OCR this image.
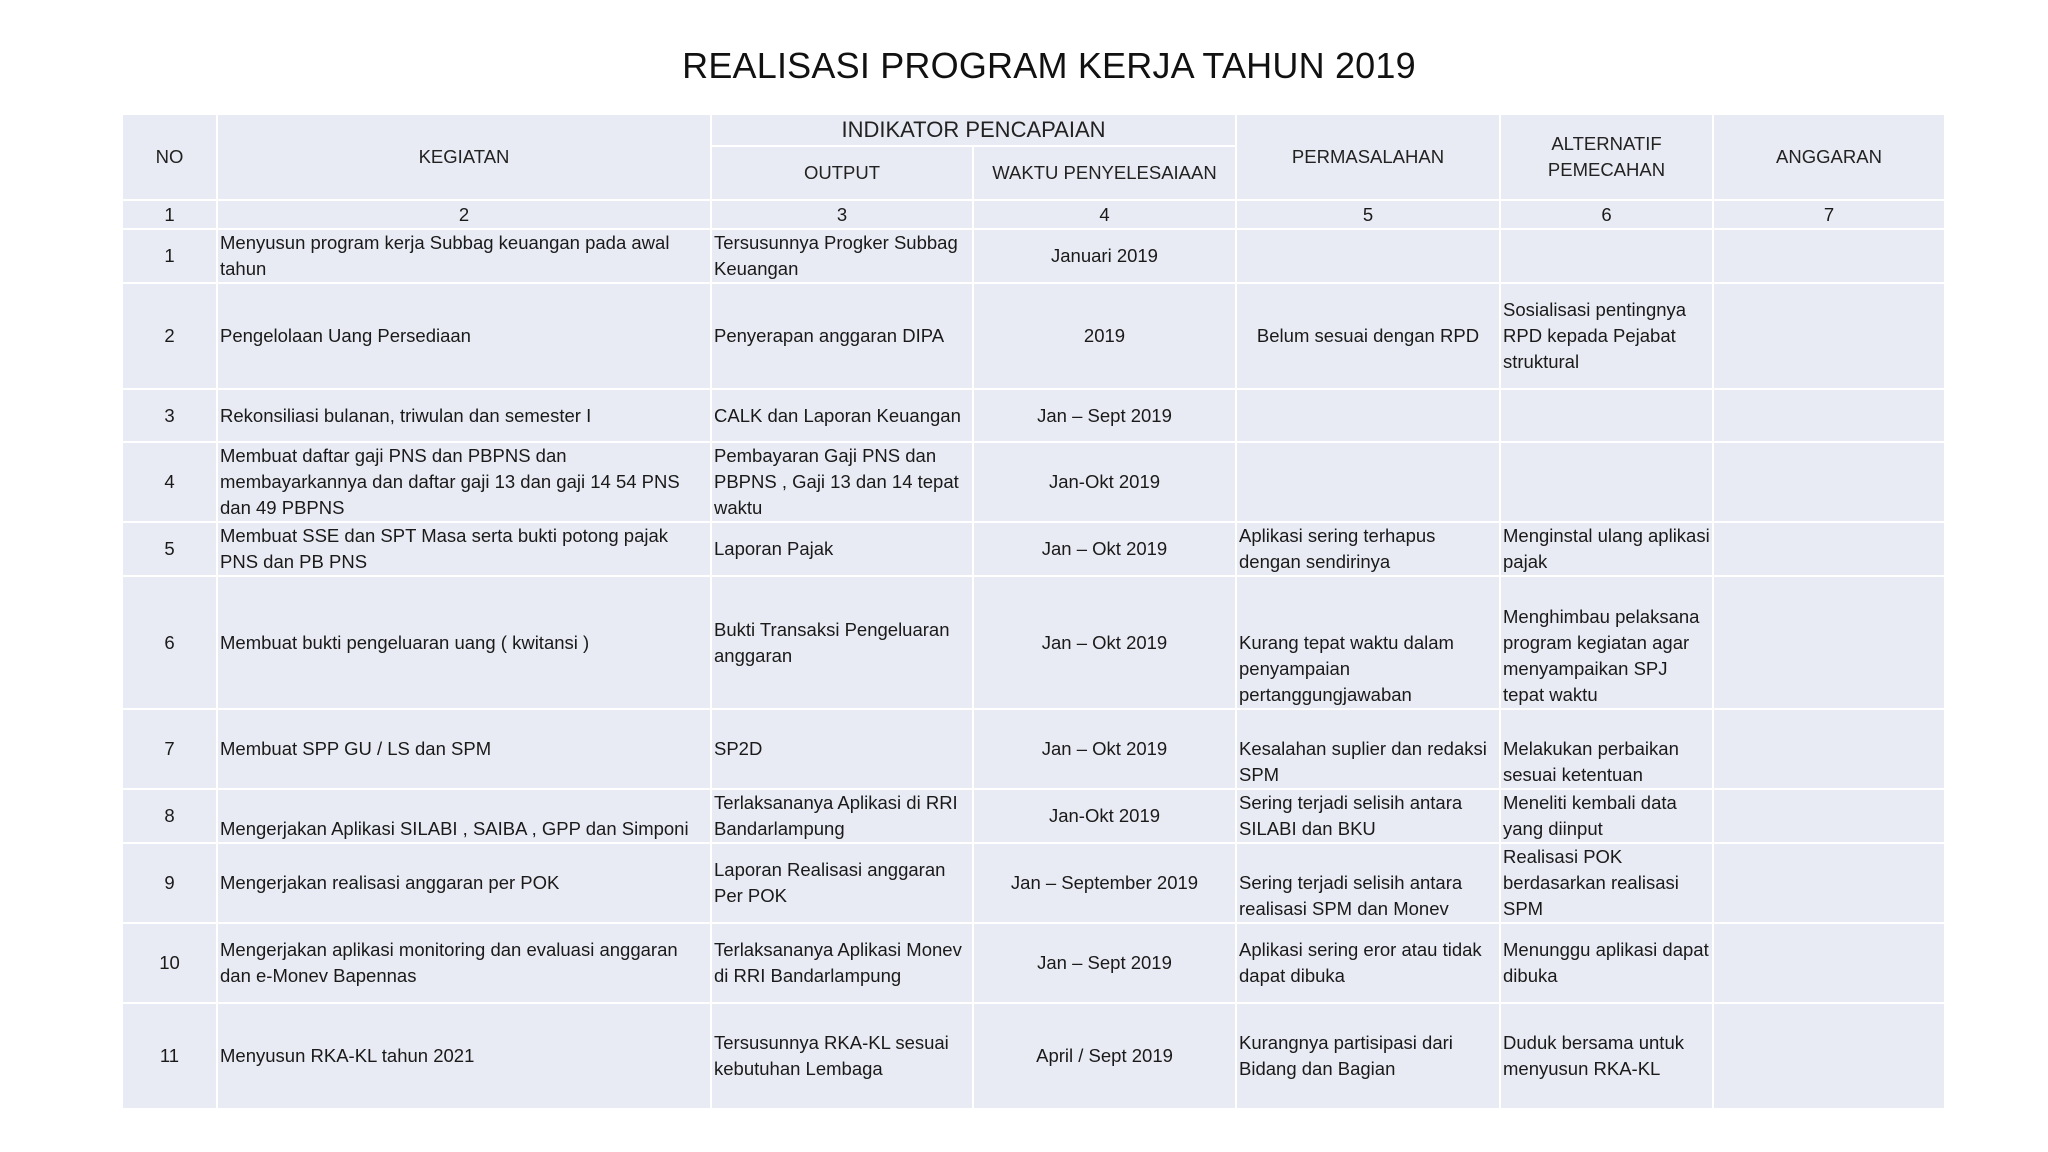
REALISASI PROGRAM KERJA TAHUN 2019
NO	KEGIATAN	INDIKATOR PENCAPAIAN		PERMASALAHAN	ALTERNATIF PEMECAHAN	ANGGARAN
		OUTPUT	WAKTU PENYELESAIAAN			
1	2	3	4	5	6	7
1	Menyusun program kerja Subbag keuangan pada awal tahun	Tersusunnya Progker Subbag Keuangan	Januari 2019			
2	Pengelolaan Uang Persediaan	Penyerapan anggaran DIPA	2019	Belum sesuai dengan RPD	Sosialisasi pentingnya RPD kepada Pejabat struktural	
3	Rekonsiliasi bulanan, triwulan dan semester I	CALK dan Laporan Keuangan	Jan – Sept 2019			
4	Membuat daftar gaji PNS dan PBPNS dan membayarkannya dan daftar gaji 13 dan gaji 14 54 PNS dan 49 PBPNS	Pembayaran Gaji PNS dan PBPNS , Gaji 13 dan 14 tepat waktu	Jan-Okt 2019			
5	Membuat SSE dan SPT Masa serta bukti potong pajak PNS dan PB PNS	Laporan Pajak	Jan – Okt 2019	Aplikasi sering terhapus dengan sendirinya	Menginstal ulang aplikasi pajak	
6	Membuat bukti pengeluaran uang ( kwitansi )	Bukti Transaksi Pengeluaran anggaran	Jan – Okt 2019	Kurang tepat waktu dalam penyampaian pertanggungjawaban	Menghimbau pelaksana program kegiatan agar menyampaikan SPJ tepat waktu	
7	Membuat SPP GU / LS dan SPM	SP2D	Jan – Okt 2019	Kesalahan suplier dan redaksi SPM	Melakukan perbaikan sesuai ketentuan	
8	Mengerjakan Aplikasi SILABI , SAIBA , GPP dan Simponi	Terlaksananya Aplikasi di RRI Bandarlampung	Jan-Okt 2019	Sering terjadi selisih antara SILABI dan BKU	Meneliti kembali data yang diinput	
9	Mengerjakan realisasi anggaran per POK	Laporan Realisasi anggaran Per POK	Jan – September 2019	Sering terjadi selisih antara realisasi SPM dan Monev	Realisasi POK berdasarkan realisasi SPM	
10	Mengerjakan aplikasi monitoring dan evaluasi anggaran dan e-Monev Bapennas	Terlaksananya Aplikasi Monev di RRI Bandarlampung	Jan – Sept 2019	Aplikasi sering eror atau tidak dapat dibuka	Menunggu aplikasi dapat dibuka	
11	Menyusun RKA-KL tahun 2021	Tersusunnya RKA-KL sesuai kebutuhan Lembaga	April / Sept 2019	Kurangnya partisipasi dari Bidang dan Bagian	Duduk bersama untuk menyusun RKA-KL	
